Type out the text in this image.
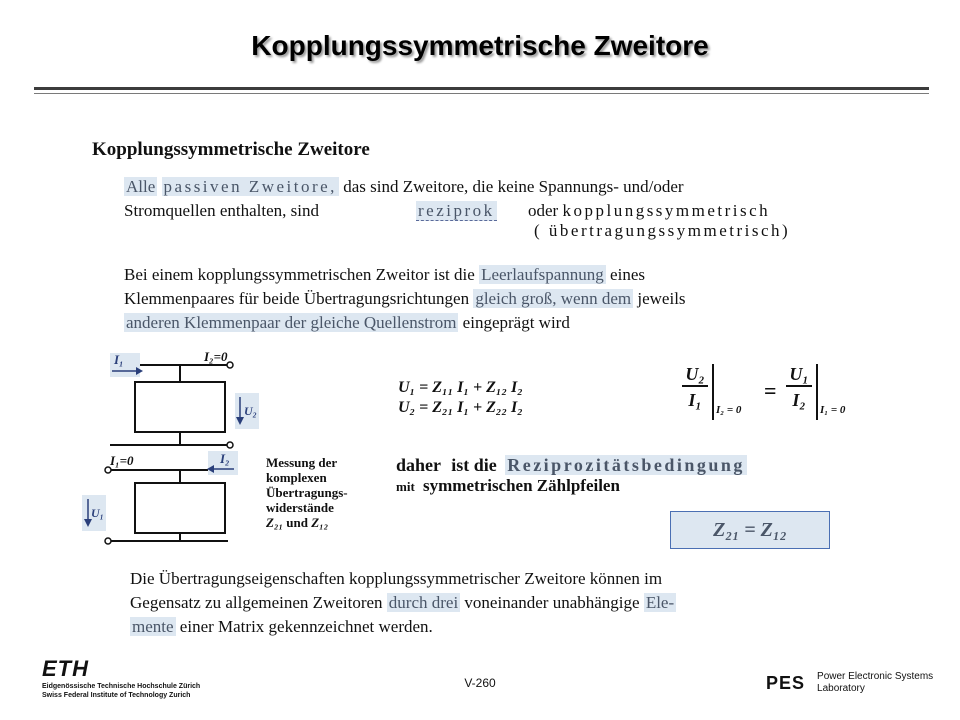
Kopplungssymmetrische Zweitore
Kopplungssymmetrische Zweitore
Alle passiven Zweitore, das sind Zweitore, die keine Spannungs- und/oder
Stromquellen enthalten, sind	reziprok oder kopplungssymmetrisch
( übertragungssymmetrisch)
Bei einem kopplungssymmetrischen Zweitor ist die Leerlaufspannung eines
Klemmenpaares für beide Übertragungsrichtungen gleich groß, wenn dem jeweils
anderen Klemmenpaar der gleiche Quellenstrom eingeprägt wird
I₁	I₂=0
U₂
I₁=0	I₂
U₁
Messung der
komplexen
Übertragungs-
widerstände
Z₂₁ und Z₁₂
U₁ = Z₁₁ I₁ + Z₁₂ I₂
U₂ = Z₂₁ I₁ + Z₂₂ I₂
U₂
I₁	I₂ = 0
=
U₁
I₂	I₁ = 0
daher ist die Reziprozitätsbedingung
mit symmetrischen Zählpfeilen
Z₂₁ = Z₁₂
Die Übertragungseigenschaften kopplungssymmetrischer Zweitore können im
Gegensatz zu allgemeinen Zweitoren durch drei voneinander unabhängige Ele-
mente einer Matrix gekennzeichnet werden.
ETH
Eidgenössische Technische Hochschule Zürich
Swiss Federal Institute of Technology Zurich
V-260	PES Power Electronic Systems
Laboratory
